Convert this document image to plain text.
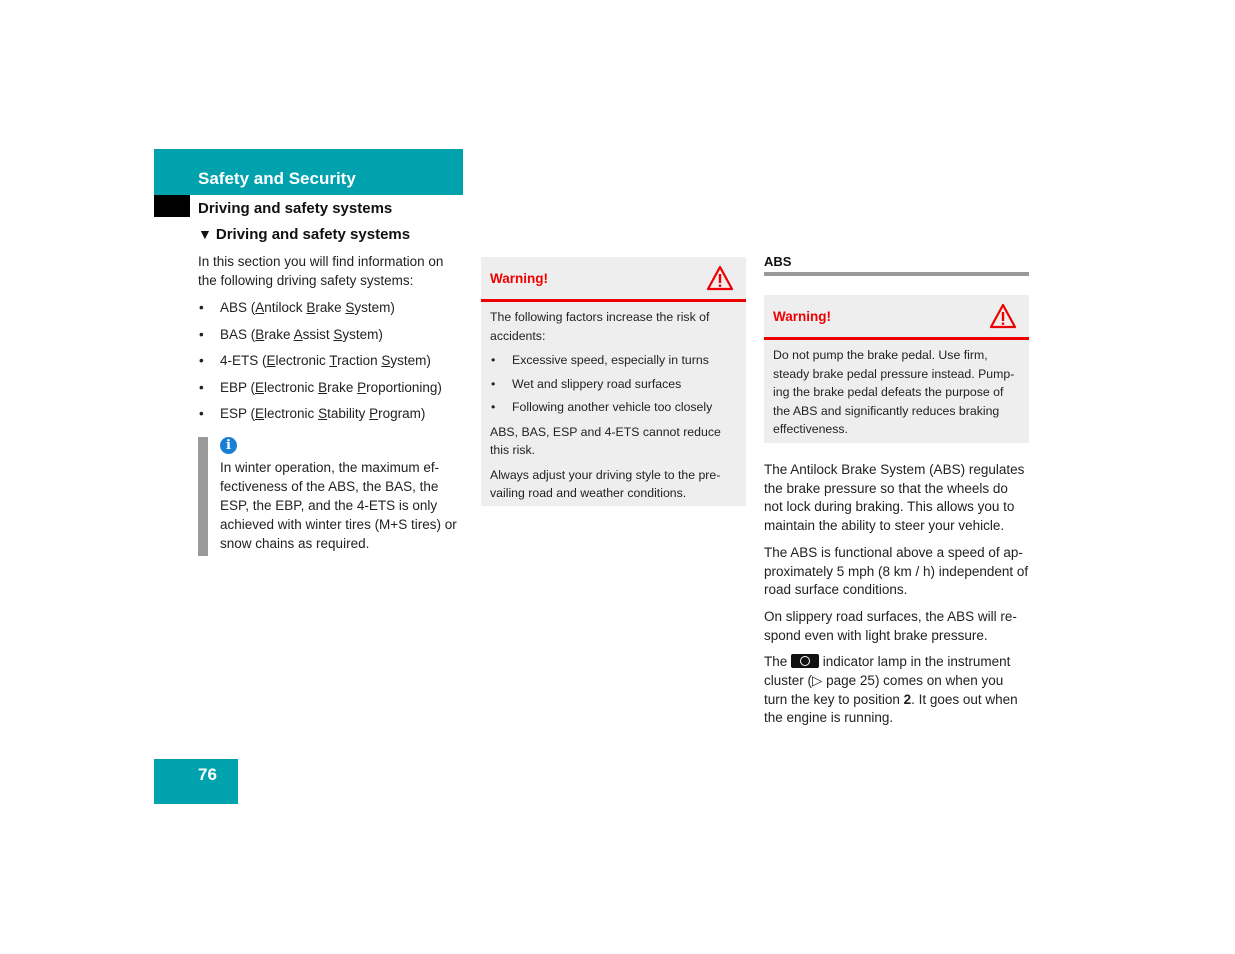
Safety and Security
Driving and safety systems
▼ Driving and safety systems

In this section you will find information on the following driving safety systems:

• ABS (Antilock Brake System)
• BAS (Brake Assist System)
• 4-ETS (Electronic Traction System)
• EBP (Electronic Brake Proportioning)
• ESP (Electronic Stability Program)
i
In winter operation, the maximum ef-fectiveness of the ABS, the BAS, the ESP, the EBP, and the 4-ETS is only achieved with winter tires (M+S tires) or snow chains as required.
Warning!

The following factors increase the risk of accidents:

• Excessive speed, especially in turns
• Wet and slippery road surfaces
• Following another vehicle too closely

ABS, BAS, ESP and 4-ETS cannot reduce this risk.

Always adjust your driving style to the pre-vailing road and weather conditions.

ABS
Warning!

Do not pump the brake pedal. Use firm, steady brake pedal pressure instead. Pump-ing the brake pedal defeats the purpose of the ABS and significantly reduces braking effectiveness.

The Antilock Brake System (ABS) regulates the brake pressure so that the wheels do not lock during braking. This allows you to maintain the ability to steer your vehicle.

The ABS is functional above a speed of ap-proximately 5 mph (8 km / h) independent of road surface conditions.

On slippery road surfaces, the ABS will re-spond even with light brake pressure.

The	indicator lamp in the instrument cluster (▷ page 25) comes on when you turn the key to position 2. It goes out when the engine is running.

76
